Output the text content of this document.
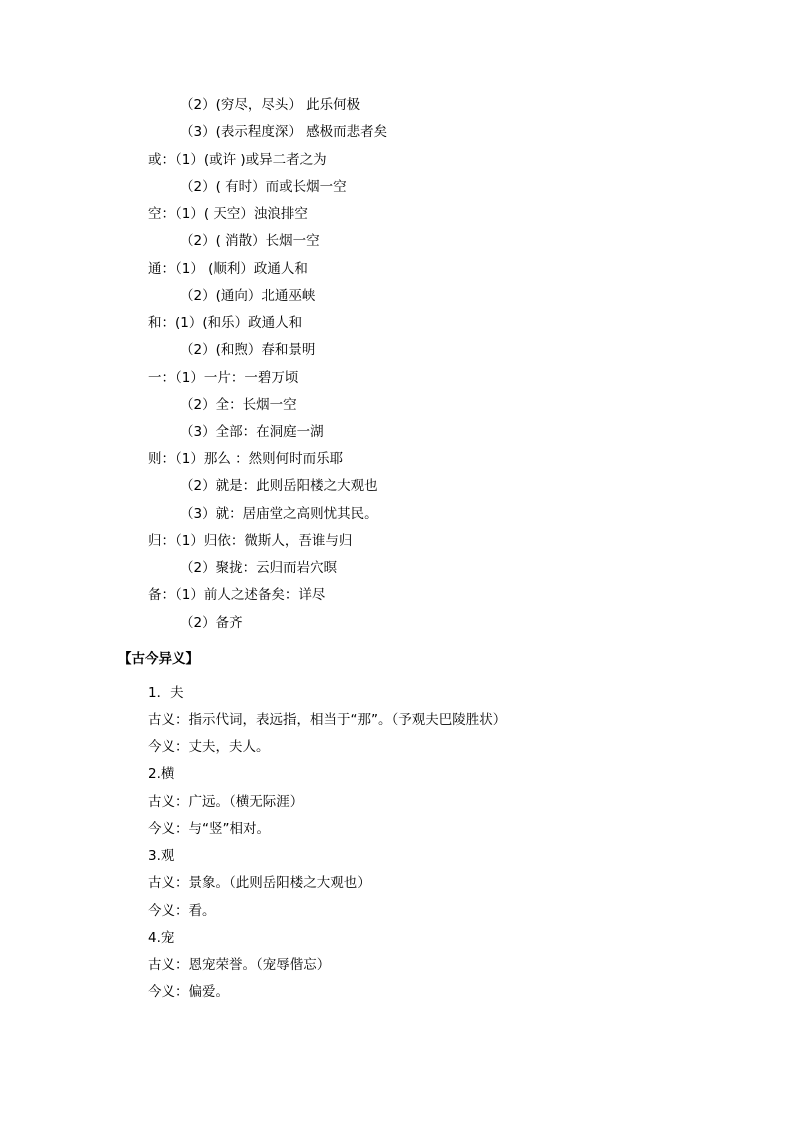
（2）(穷尽，尽头） 此乐何极
（3）(表示程度深） 感极而悲者矣
或：（1）(或许 )或异二者之为
（2）( 有时）而或长烟一空
空：（1）( 天空）浊浪排空
（2）( 消散）长烟一空
通：（1） (顺利）政通人和
（2）(通向）北通巫峡
和：(1）(和乐）政通人和
（2）(和煦）春和景明
一：（1）一片：一碧万顷
（2）全：长烟一空
（3）全部：在洞庭一湖
则：（1）那么 ：然则何时而乐耶
（2）就是：此则岳阳楼之大观也
（3）就：居庙堂之高则忧其民。
归：（1）归依：微斯人，吾谁与归
（2）聚拢：云归而岩穴暝
备：（1）前人之述备矣：详尽
（2）备齐
【古今异义】
1．夫
古义：指示代词，表远指，相当于“那”。（予观夫巴陵胜状）
今义：丈夫，夫人。
2.横
古义：广远。（横无际涯）
今义：与“竖”相对。
3.观
古义：景象。（此则岳阳楼之大观也）
今义：看。
4.宠
古义：恩宠荣誉。（宠辱偕忘）
今义：偏爱。
